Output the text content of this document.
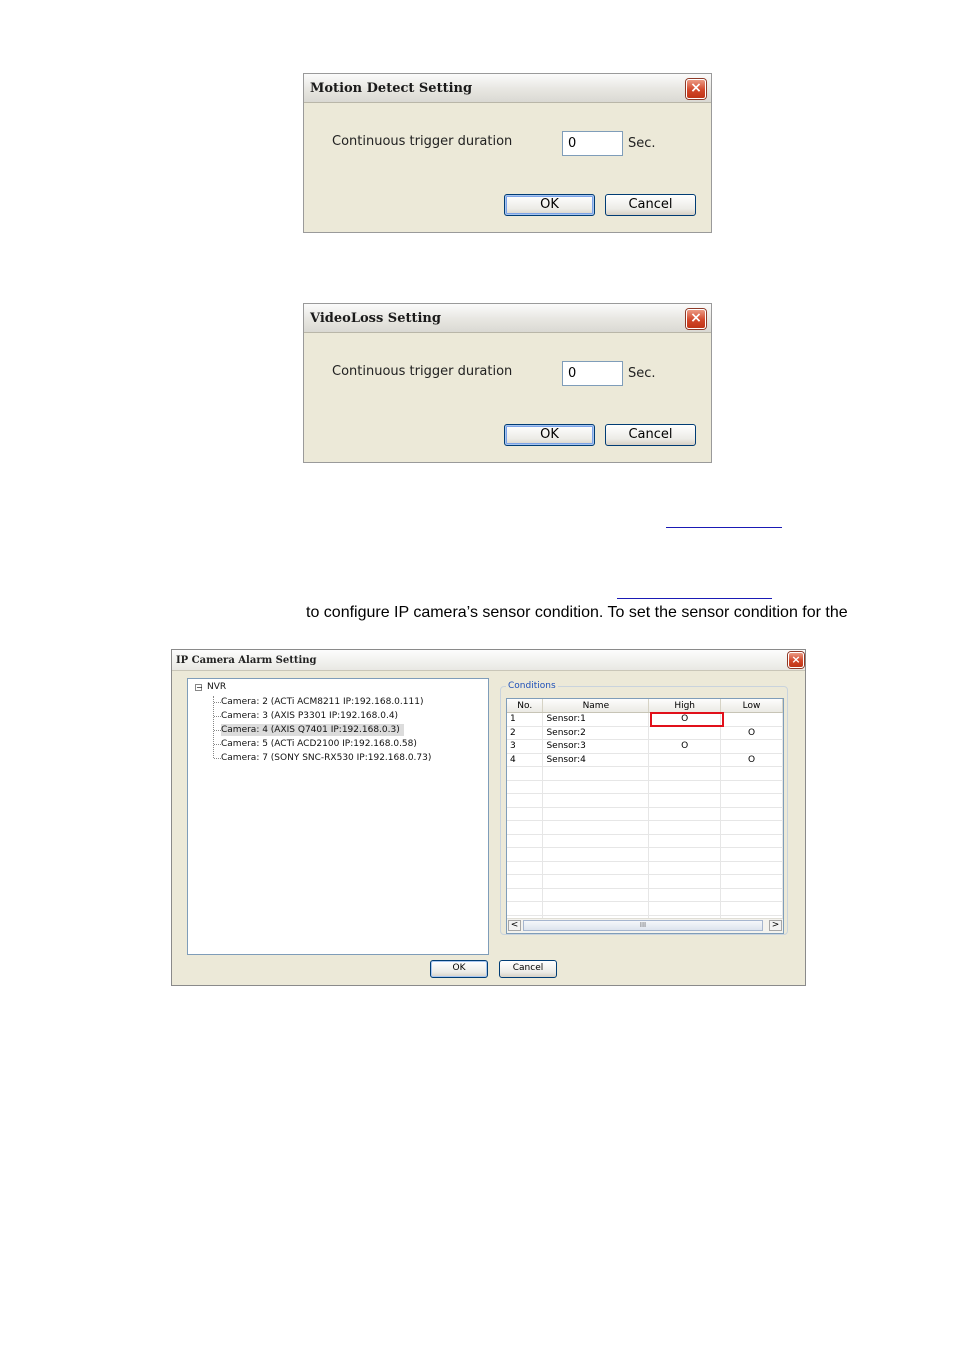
Motion Detect Setting	×
Continuous trigger duration	0	Sec.
OK	Cancel
VideoLoss Setting	×
Continuous trigger duration	0	Sec.
OK	Cancel
to configure IP camera’s sensor condition. To set the sensor condition for the
IP Camera Alarm Setting	×
− NVR
Camera: 2 (ACTi ACM8211 IP:192.168.0.111)
Camera: 3 (AXIS P3301 IP:192.168.0.4)
Camera: 4 (AXIS Q7401 IP:192.168.0.3)
Camera: 5 (ACTi ACD2100 IP:192.168.0.58)
Camera: 7 (SONY SNC-RX530 IP:192.168.0.73)
Conditions
No.	Name	High	Low
1	Sensor:1	O	
2	Sensor:2		O
3	Sensor:3	O	
4	Sensor:4		O

<	III	>
OK	Cancel
